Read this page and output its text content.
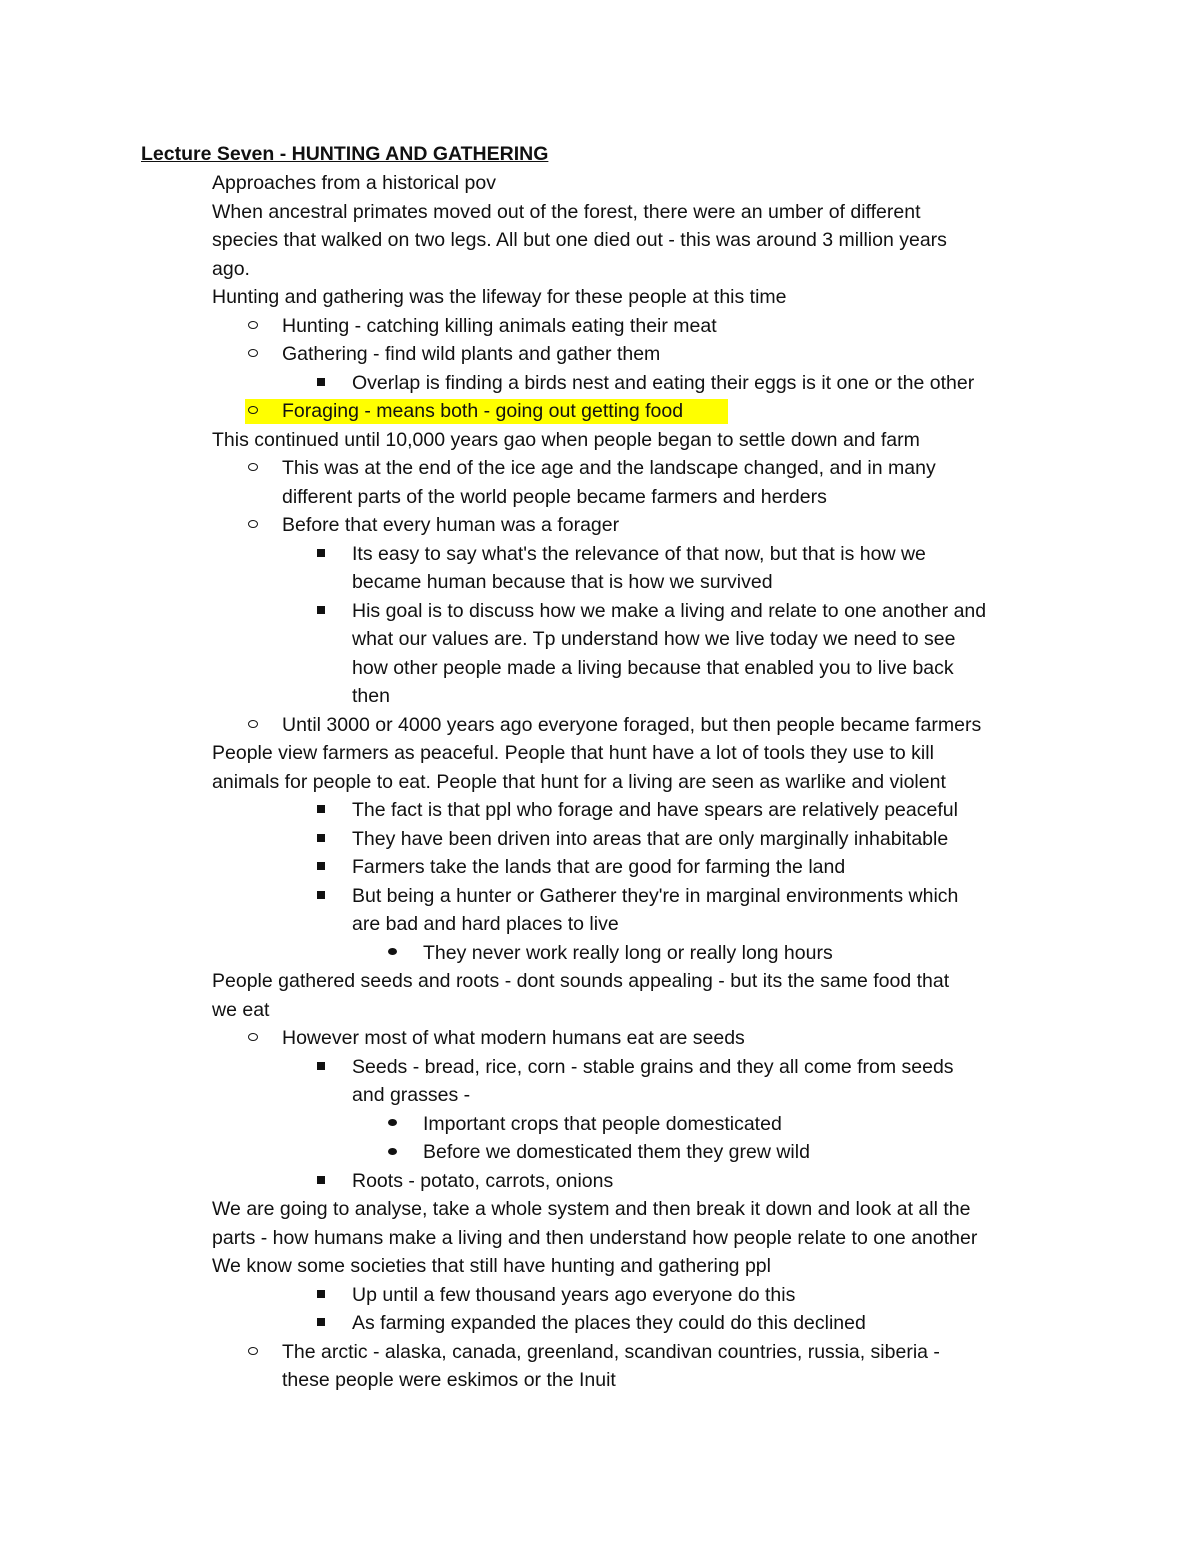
Lecture Seven - HUNTING AND GATHERING
Approaches from a historical pov
When ancestral primates moved out of the forest, there were an umber of different
species that walked on two legs. All but one died out - this was around 3 million years
ago.
Hunting and gathering was the lifeway for these people at this time
Hunting - catching killing animals eating their meat
Gathering - find wild plants and gather them
Overlap is finding a birds nest and eating their eggs is it one or the other
Foraging - means both - going out getting food
This continued until 10,000 years gao when people began to settle down and farm
This was at the end of the ice age and the landscape changed, and in many
different parts of the world people became farmers and herders
Before that every human was a forager
Its easy to say what's the relevance of that now, but that is how we
became human because that is how we survived
His goal is to discuss how we make a living and relate to one another and
what our values are. Tp understand how we live today we need to see
how other people made a living because that enabled you to live back
then
Until 3000 or 4000 years ago everyone foraged, but then people became farmers
People view farmers as peaceful. People that hunt have a lot of tools they use to kill
animals for people to eat. People that hunt for a living are seen as warlike and violent
The fact is that ppl who forage and have spears are relatively peaceful
They have been driven into areas that are only marginally inhabitable
Farmers take the lands that are good for farming the land
But being a hunter or Gatherer they're in marginal environments which
are bad and hard places to live
They never work really long or really long hours
People gathered seeds and roots - dont sounds appealing - but its the same food that
we eat
However most of what modern humans eat are seeds
Seeds - bread, rice, corn - stable grains and they all come from seeds
and grasses -
Important crops that people domesticated
Before we domesticated them they grew wild
Roots - potato, carrots, onions
We are going to analyse, take a whole system and then break it down and look at all the
parts - how humans make a living and then understand how people relate to one another
We know some societies that still have hunting and gathering ppl
Up until a few thousand years ago everyone do this
As farming expanded the places they could do this declined
The arctic - alaska, canada, greenland, scandivan countries, russia, siberia -
these people were eskimos or the Inuit
